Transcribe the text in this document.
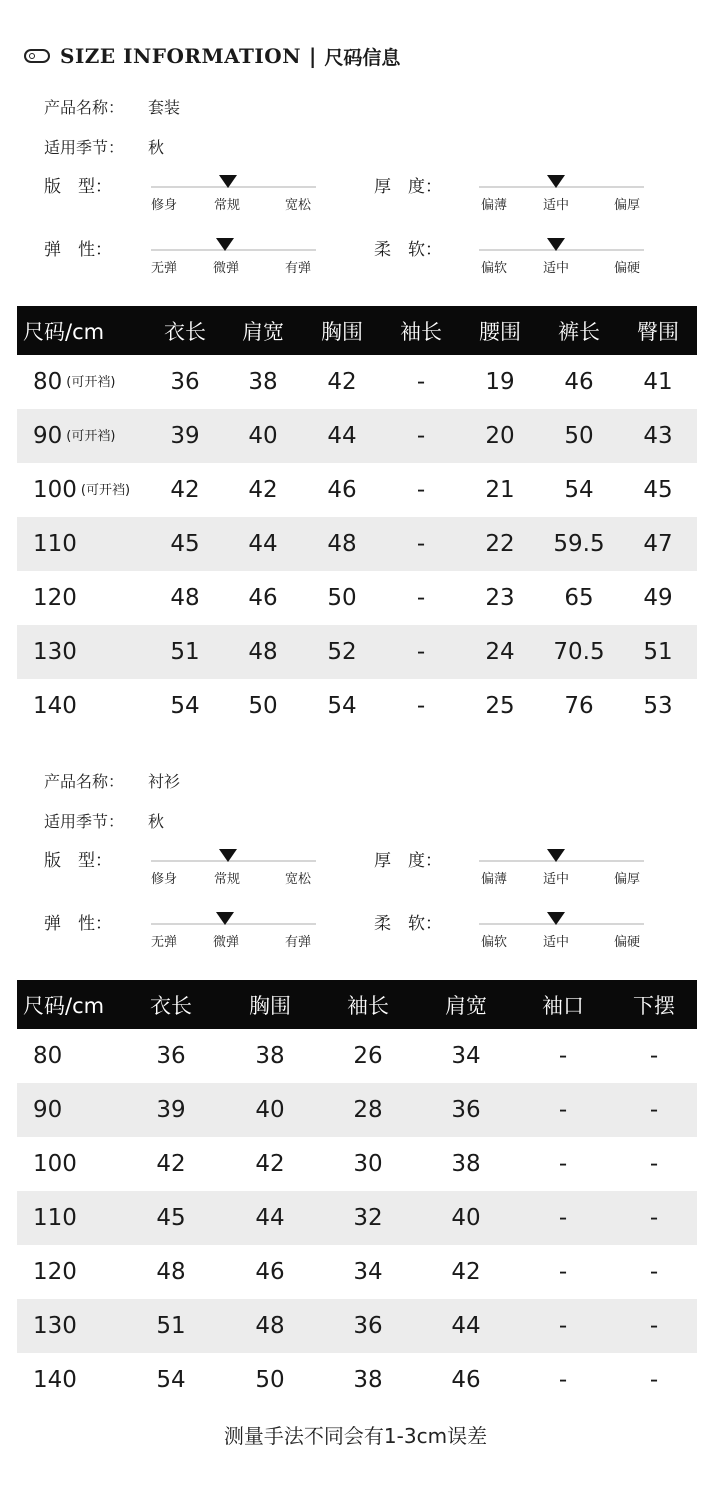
SIZE INFORMATION | 尺码信息
产品名称： 套装
适用季节： 秋
版　型：
修身	常规	宽松
厚　度：
偏薄	适中	偏厚
弹　性：
无弹	微弹	有弹
柔　软：
偏软	适中	偏硬
尺码/cm	衣长	肩宽	胸围	袖长	腰围	裤长	臀围
80 (可开裆)	36	38	42	-	19	46	41
90 (可开裆)	39	40	44	-	20	50	43
100 (可开裆)	42	42	46	-	21	54	45
110	45	44	48	-	22	59.5	47
120	48	46	50	-	23	65	49
130	51	48	52	-	24	70.5	51
140	54	50	54	-	25	76	53
产品名称： 衬衫
适用季节： 秋
版　型：
修身	常规	宽松
厚　度：
偏薄	适中	偏厚
弹　性：
无弹	微弹	有弹
柔　软：
偏软	适中	偏硬
尺码/cm	衣长	胸围	袖长	肩宽	袖口	下摆
80	36	38	26	34	-	-
90	39	40	28	36	-	-
100	42	42	30	38	-	-
110	45	44	32	40	-	-
120	48	46	34	42	-	-
130	51	48	36	44	-	-
140	54	50	38	46	-	-
测量手法不同会有1-3cm误差
